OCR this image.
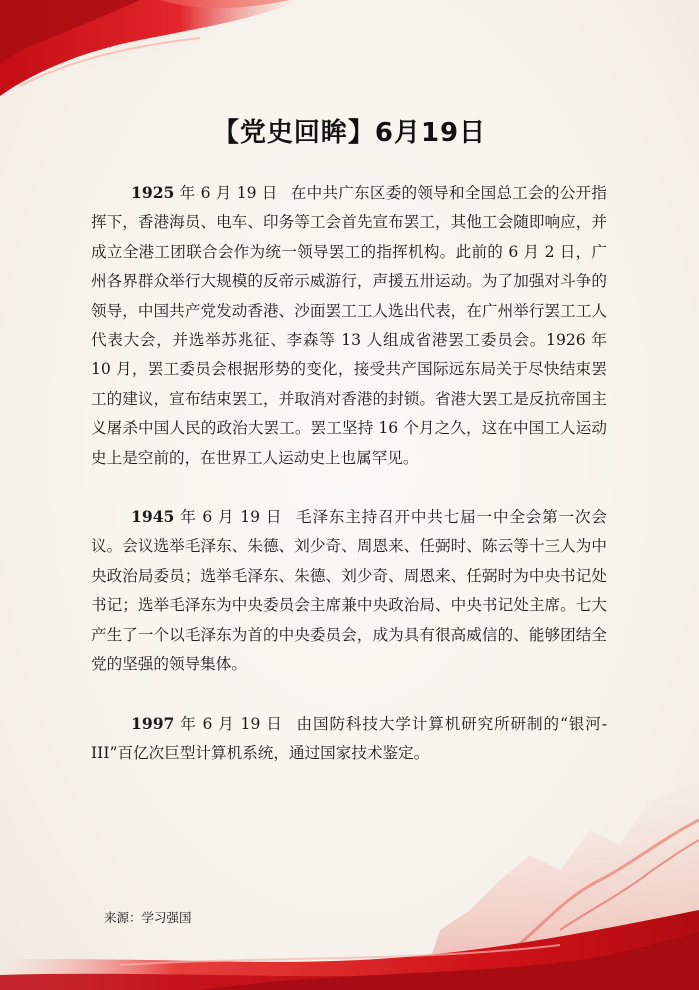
【党史回眸】6月19日

1925 年 6 月 19 日 在中共广东区委的领导和全国总工会的公开指挥下，香港海员、电车、印务等工会首先宣布罢工，其他工会随即响应，并成立全港工团联合会作为统一领导罢工的指挥机构。此前的 6 月 2 日，广州各界群众举行大规模的反帝示威游行，声援五卅运动。为了加强对斗争的领导，中国共产党发动香港、沙面罢工工人选出代表，在广州举行罢工工人代表大会，并选举苏兆征、李森等 13 人组成省港罢工委员会。1926 年 10 月，罢工委员会根据形势的变化，接受共产国际远东局关于尽快结束罢工的建议，宣布结束罢工，并取消对香港的封锁。省港大罢工是反抗帝国主义屠杀中国人民的政治大罢工。罢工坚持 16 个月之久，这在中国工人运动史上是空前的，在世界工人运动史上也属罕见。

1945 年 6 月 19 日 毛泽东主持召开中共七届一中全会第一次会议。会议选举毛泽东、朱德、刘少奇、周恩来、任弼时、陈云等十三人为中央政治局委员；选举毛泽东、朱德、刘少奇、周恩来、任弼时为中央书记处书记；选举毛泽东为中央委员会主席兼中央政治局、中央书记处主席。七大产生了一个以毛泽东为首的中央委员会，成为具有很高威信的、能够团结全党的坚强的领导集体。

1997 年 6 月 19 日 由国防科技大学计算机研究所研制的“银河-III”百亿次巨型计算机系统，通过国家技术鉴定。

来源：学习强国
